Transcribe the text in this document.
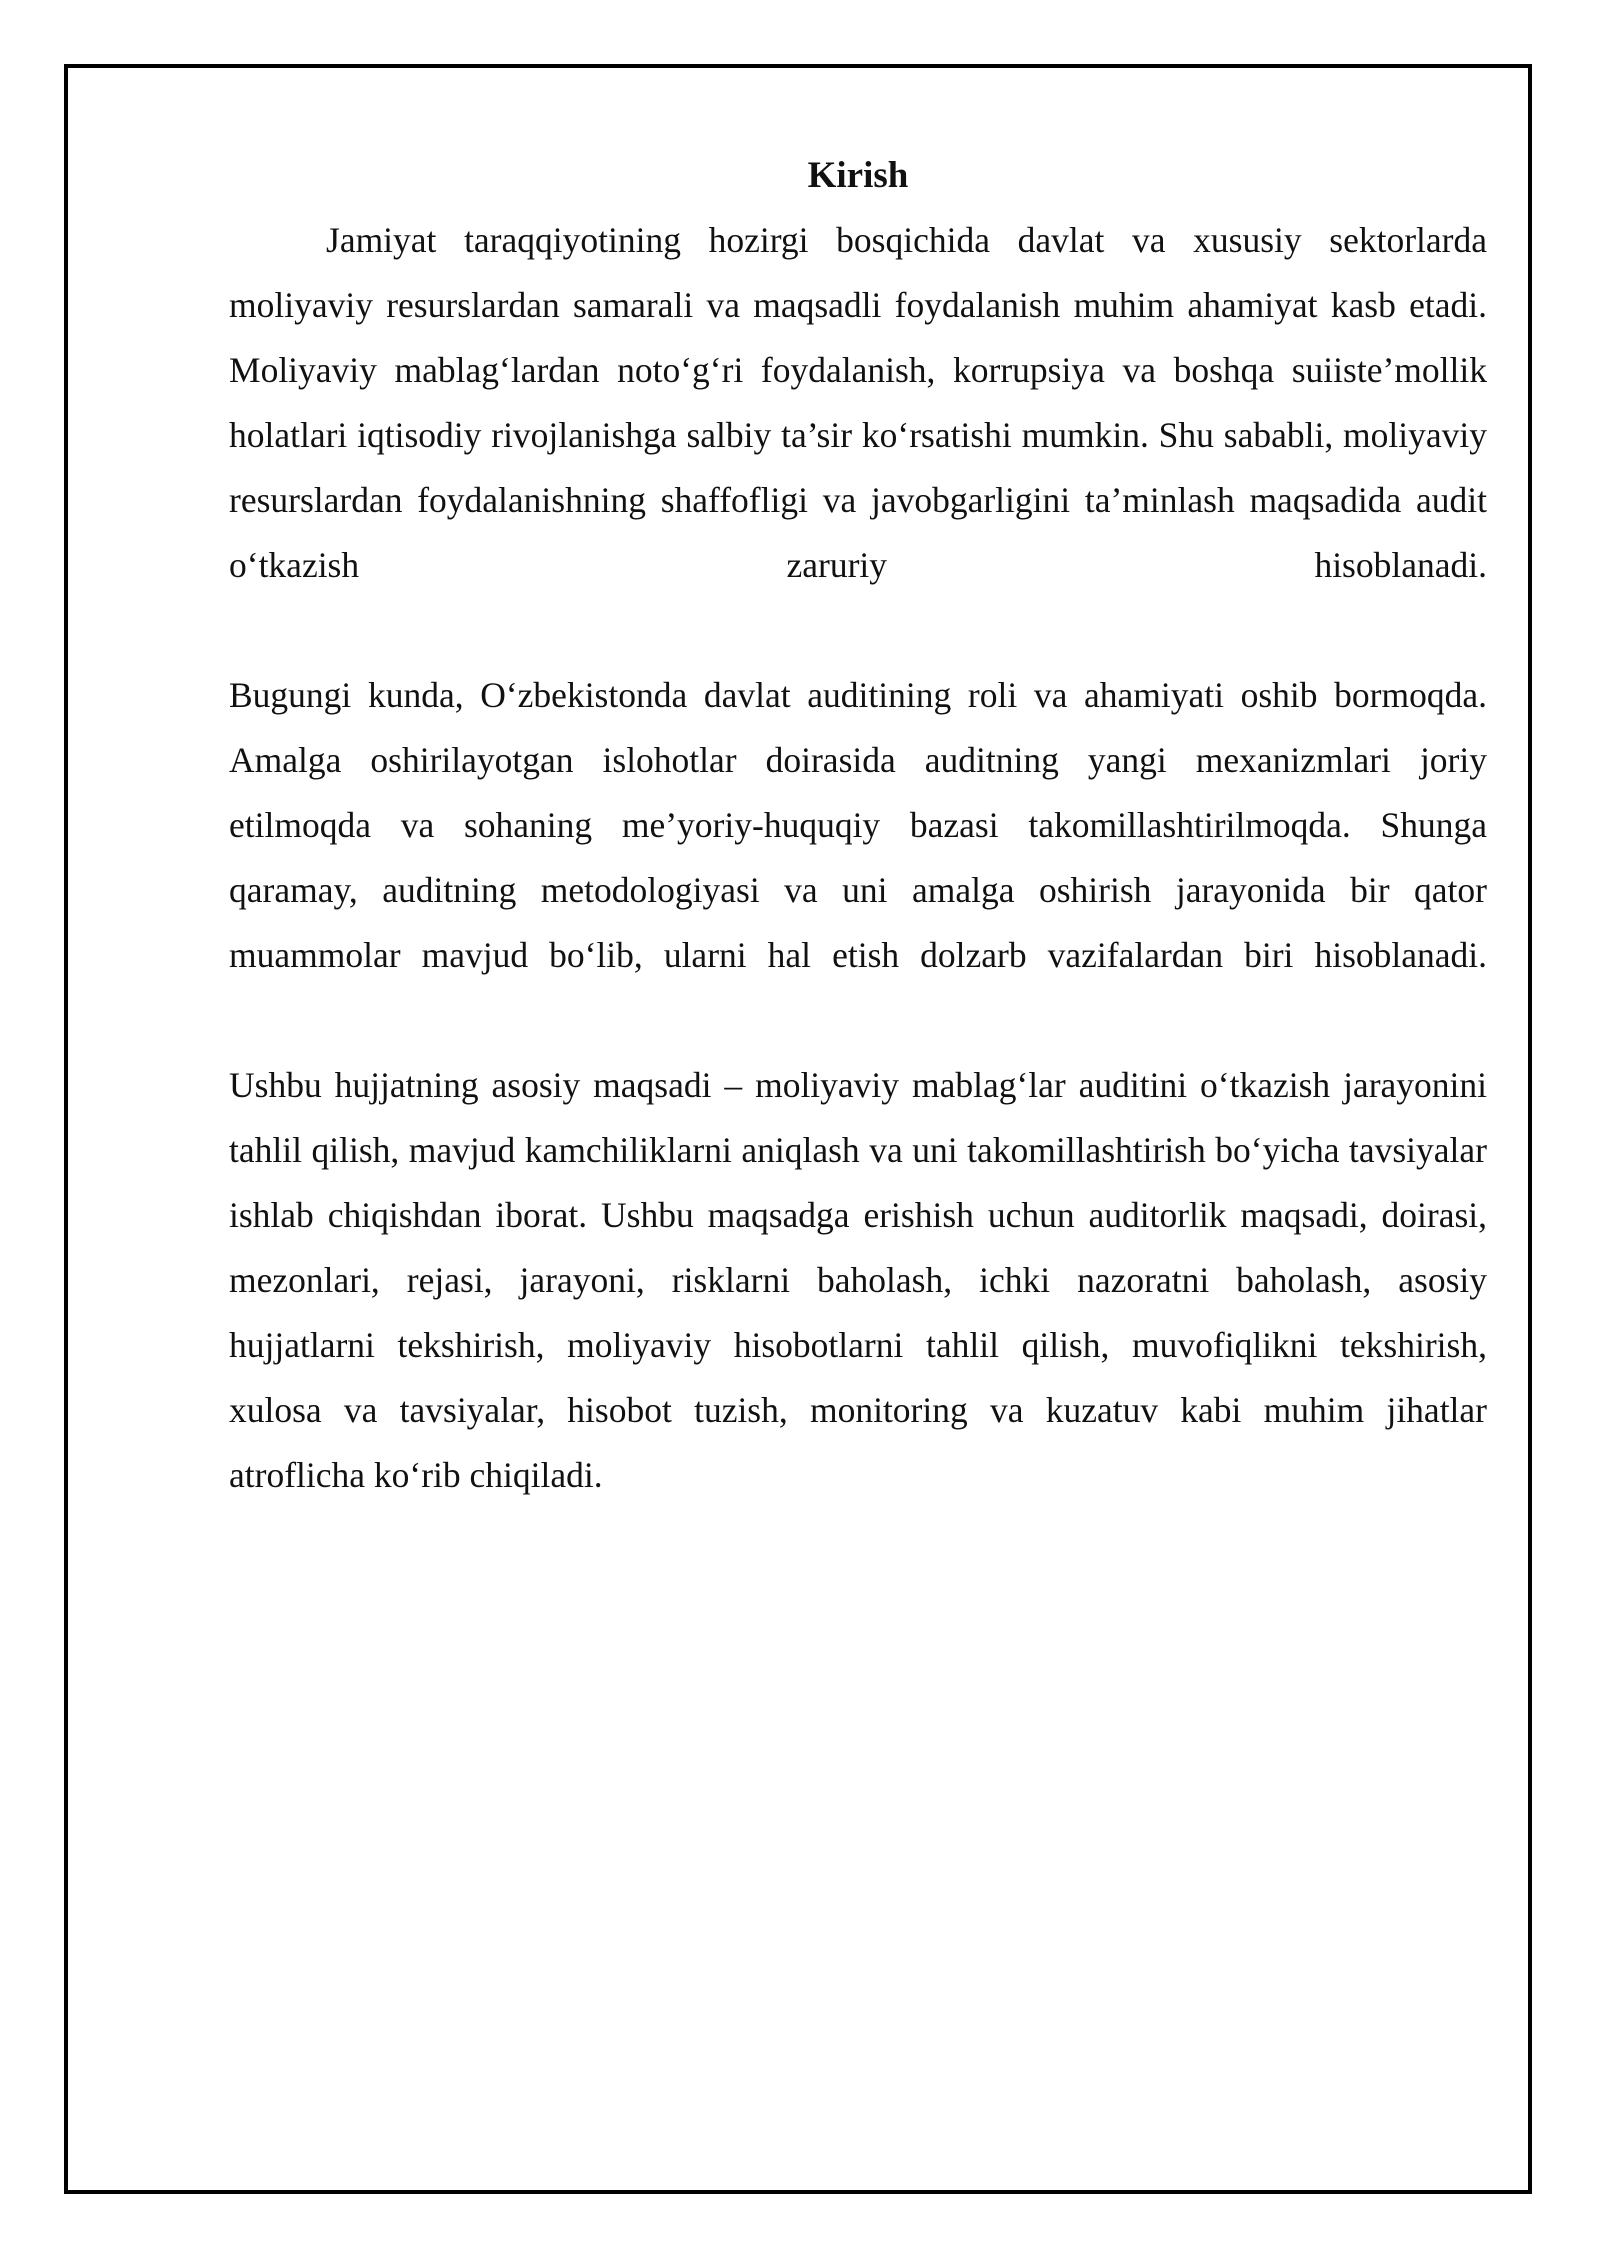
Kirish

Jamiyat taraqqiyotining hozirgi bosqichida davlat va xususiy sektorlarda moliyaviy resurslardan samarali va maqsadli foydalanish muhim ahamiyat kasb etadi. Moliyaviy mablag‘lardan noto‘g‘ri foydalanish, korrupsiya va boshqa suiiste’mollik holatlari iqtisodiy rivojlanishga salbiy ta’sir ko‘rsatishi mumkin. Shu sababli, moliyaviy resurslardan foydalanishning shaffofligi va javobgarligini ta’minlash maqsadida audit o‘tkazish zaruriy hisoblanadi.

Bugungi kunda, O‘zbekistonda davlat auditining roli va ahamiyati oshib bormoqda. Amalga oshirilayotgan islohotlar doirasida auditning yangi mexanizmlari joriy etilmoqda va sohaning me’yoriy-huquqiy bazasi takomillashtirilmoqda. Shunga qaramay, auditning metodologiyasi va uni amalga oshirish jarayonida bir qator muammolar mavjud bo‘lib, ularni hal etish dolzarb vazifalardan biri hisoblanadi.

Ushbu hujjatning asosiy maqsadi – moliyaviy mablag‘lar auditini o‘tkazish jarayonini tahlil qilish, mavjud kamchiliklarni aniqlash va uni takomillashtirish bo‘yicha tavsiyalar ishlab chiqishdan iborat. Ushbu maqsadga erishish uchun auditorlik maqsadi, doirasi, mezonlari, rejasi, jarayoni, risklarni baholash, ichki nazoratni baholash, asosiy hujjatlarni tekshirish, moliyaviy hisobotlarni tahlil qilish, muvofiqlikni tekshirish, xulosa va tavsiyalar, hisobot tuzish, monitoring va kuzatuv kabi muhim jihatlar atroflicha ko‘rib chiqiladi.
